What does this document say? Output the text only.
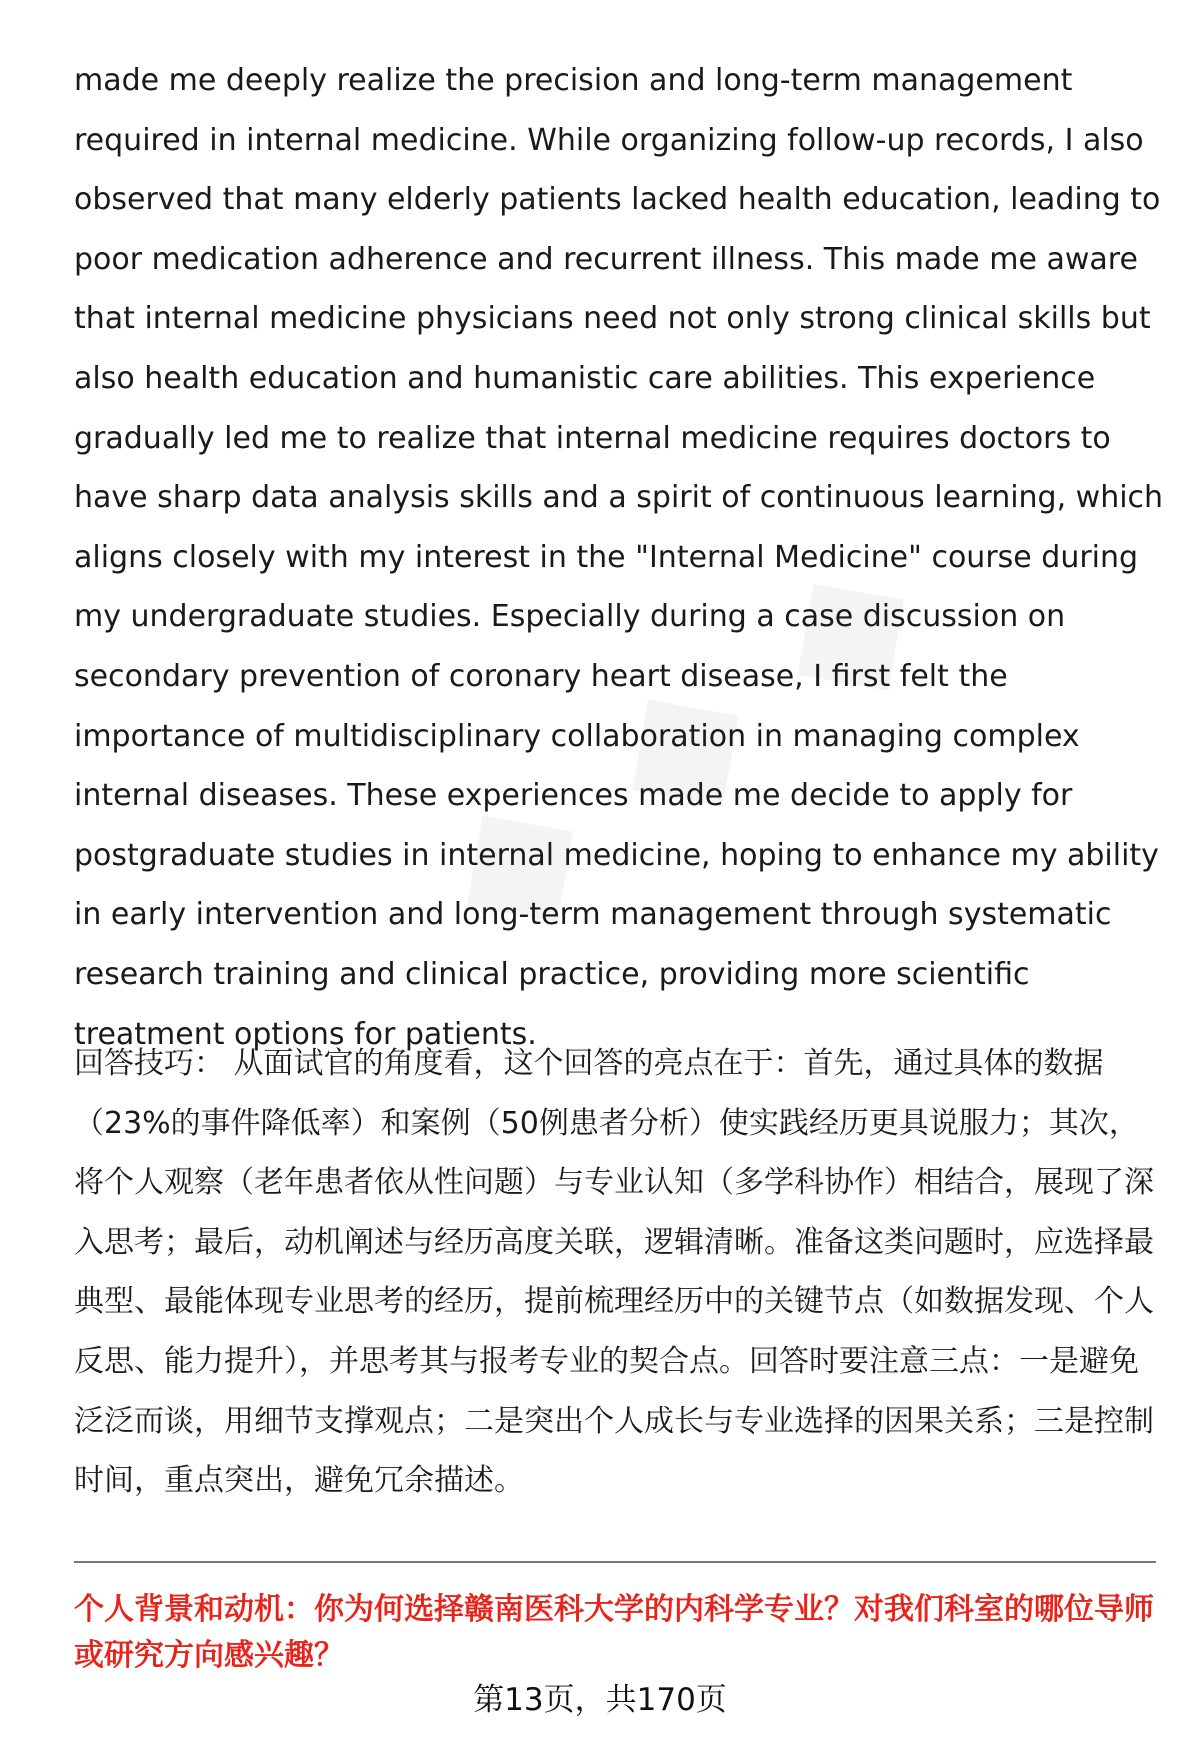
made me deeply realize the precision and long-term management required in internal medicine. While organizing follow-up records, I also observed that many elderly patients lacked health education, leading to poor medication adherence and recurrent illness. This made me aware that internal medicine physicians need not only strong clinical skills but also health education and humanistic care abilities. This experience gradually led me to realize that internal medicine requires doctors to have sharp data analysis skills and a spirit of continuous learning, which aligns closely with my interest in the "Internal Medicine" course during my undergraduate studies. Especially during a case discussion on secondary prevention of coronary heart disease, I first felt the importance of multidisciplinary collaboration in managing complex internal diseases. These experiences made me decide to apply for postgraduate studies in internal medicine, hoping to enhance my ability in early intervention and long-term management through systematic research training and clinical practice, providing more scientific treatment options for patients.

回答技巧： 从面试官的角度看，这个回答的亮点在于：首先，通过具体的数据（23%的事件降低率）和案例（50例患者分析）使实践经历更具说服力；其次，将个人观察（老年患者依从性问题）与专业认知（多学科协作）相结合，展现了深入思考；最后，动机阐述与经历高度关联，逻辑清晰。准备这类问题时，应选择最典型、最能体现专业思考的经历，提前梳理经历中的关键节点（如数据发现、个人反思、能力提升），并思考其与报考专业的契合点。回答时要注意三点：一是避免泛泛而谈，用细节支撑观点；二是突出个人成长与专业选择的因果关系；三是控制时间，重点突出，避免冗余描述。

个人背景和动机：你为何选择赣南医科大学的内科学专业？对我们科室的哪位导师或研究方向感兴趣？

第13页，共170页
